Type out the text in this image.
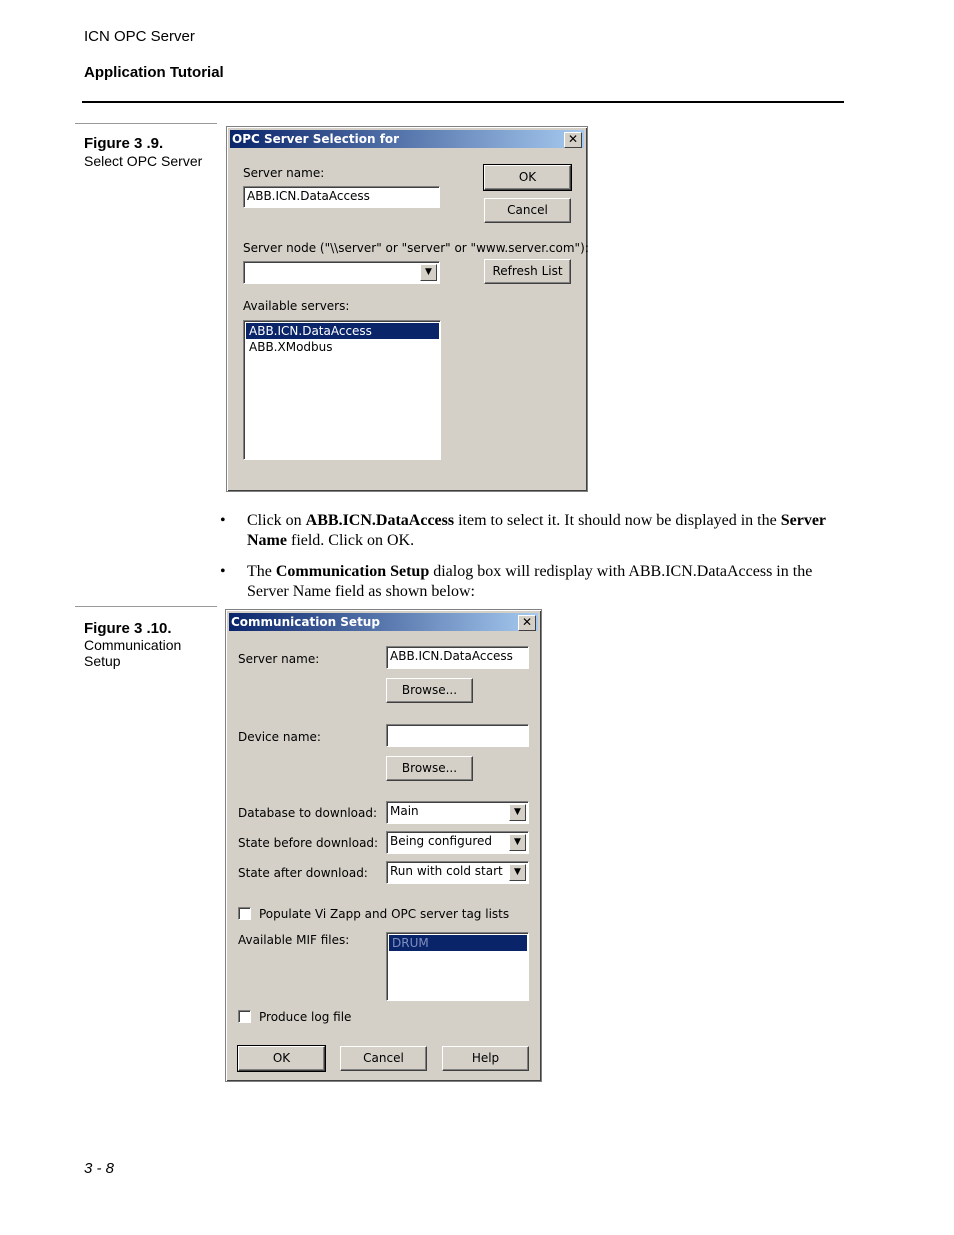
ICN OPC Server
Application Tutorial
Figure 3 .9.
Select OPC Server
OPC Server Selection for	✕
Server name:
ABB.ICN.DataAccess
OK
Cancel
Server node ("\\server" or "server" or "www.server.com"):
▼	Refresh List
Available servers:
ABB.ICN.DataAccess
ABB.XModbus
• Click on ABB.ICN.DataAccess item to select it. It should now be displayed in the Server Name field. Click on OK.
• The Communication Setup dialog box will redisplay with ABB.ICN.DataAccess in the Server Name field as shown below:
Figure 3 .10.
Communication
Setup
Communication Setup	✕
Server name:	ABB.ICN.DataAccess
Browse...
Device name:
Browse...
Database to download:	Main	▼
State before download: Being configured	▼
State after download:	Run with cold start	▼
Populate Vi Zapp and OPC server tag lists
Available MIF files:	DRUM
Produce log file
OK	Cancel	Help
3 - 8
